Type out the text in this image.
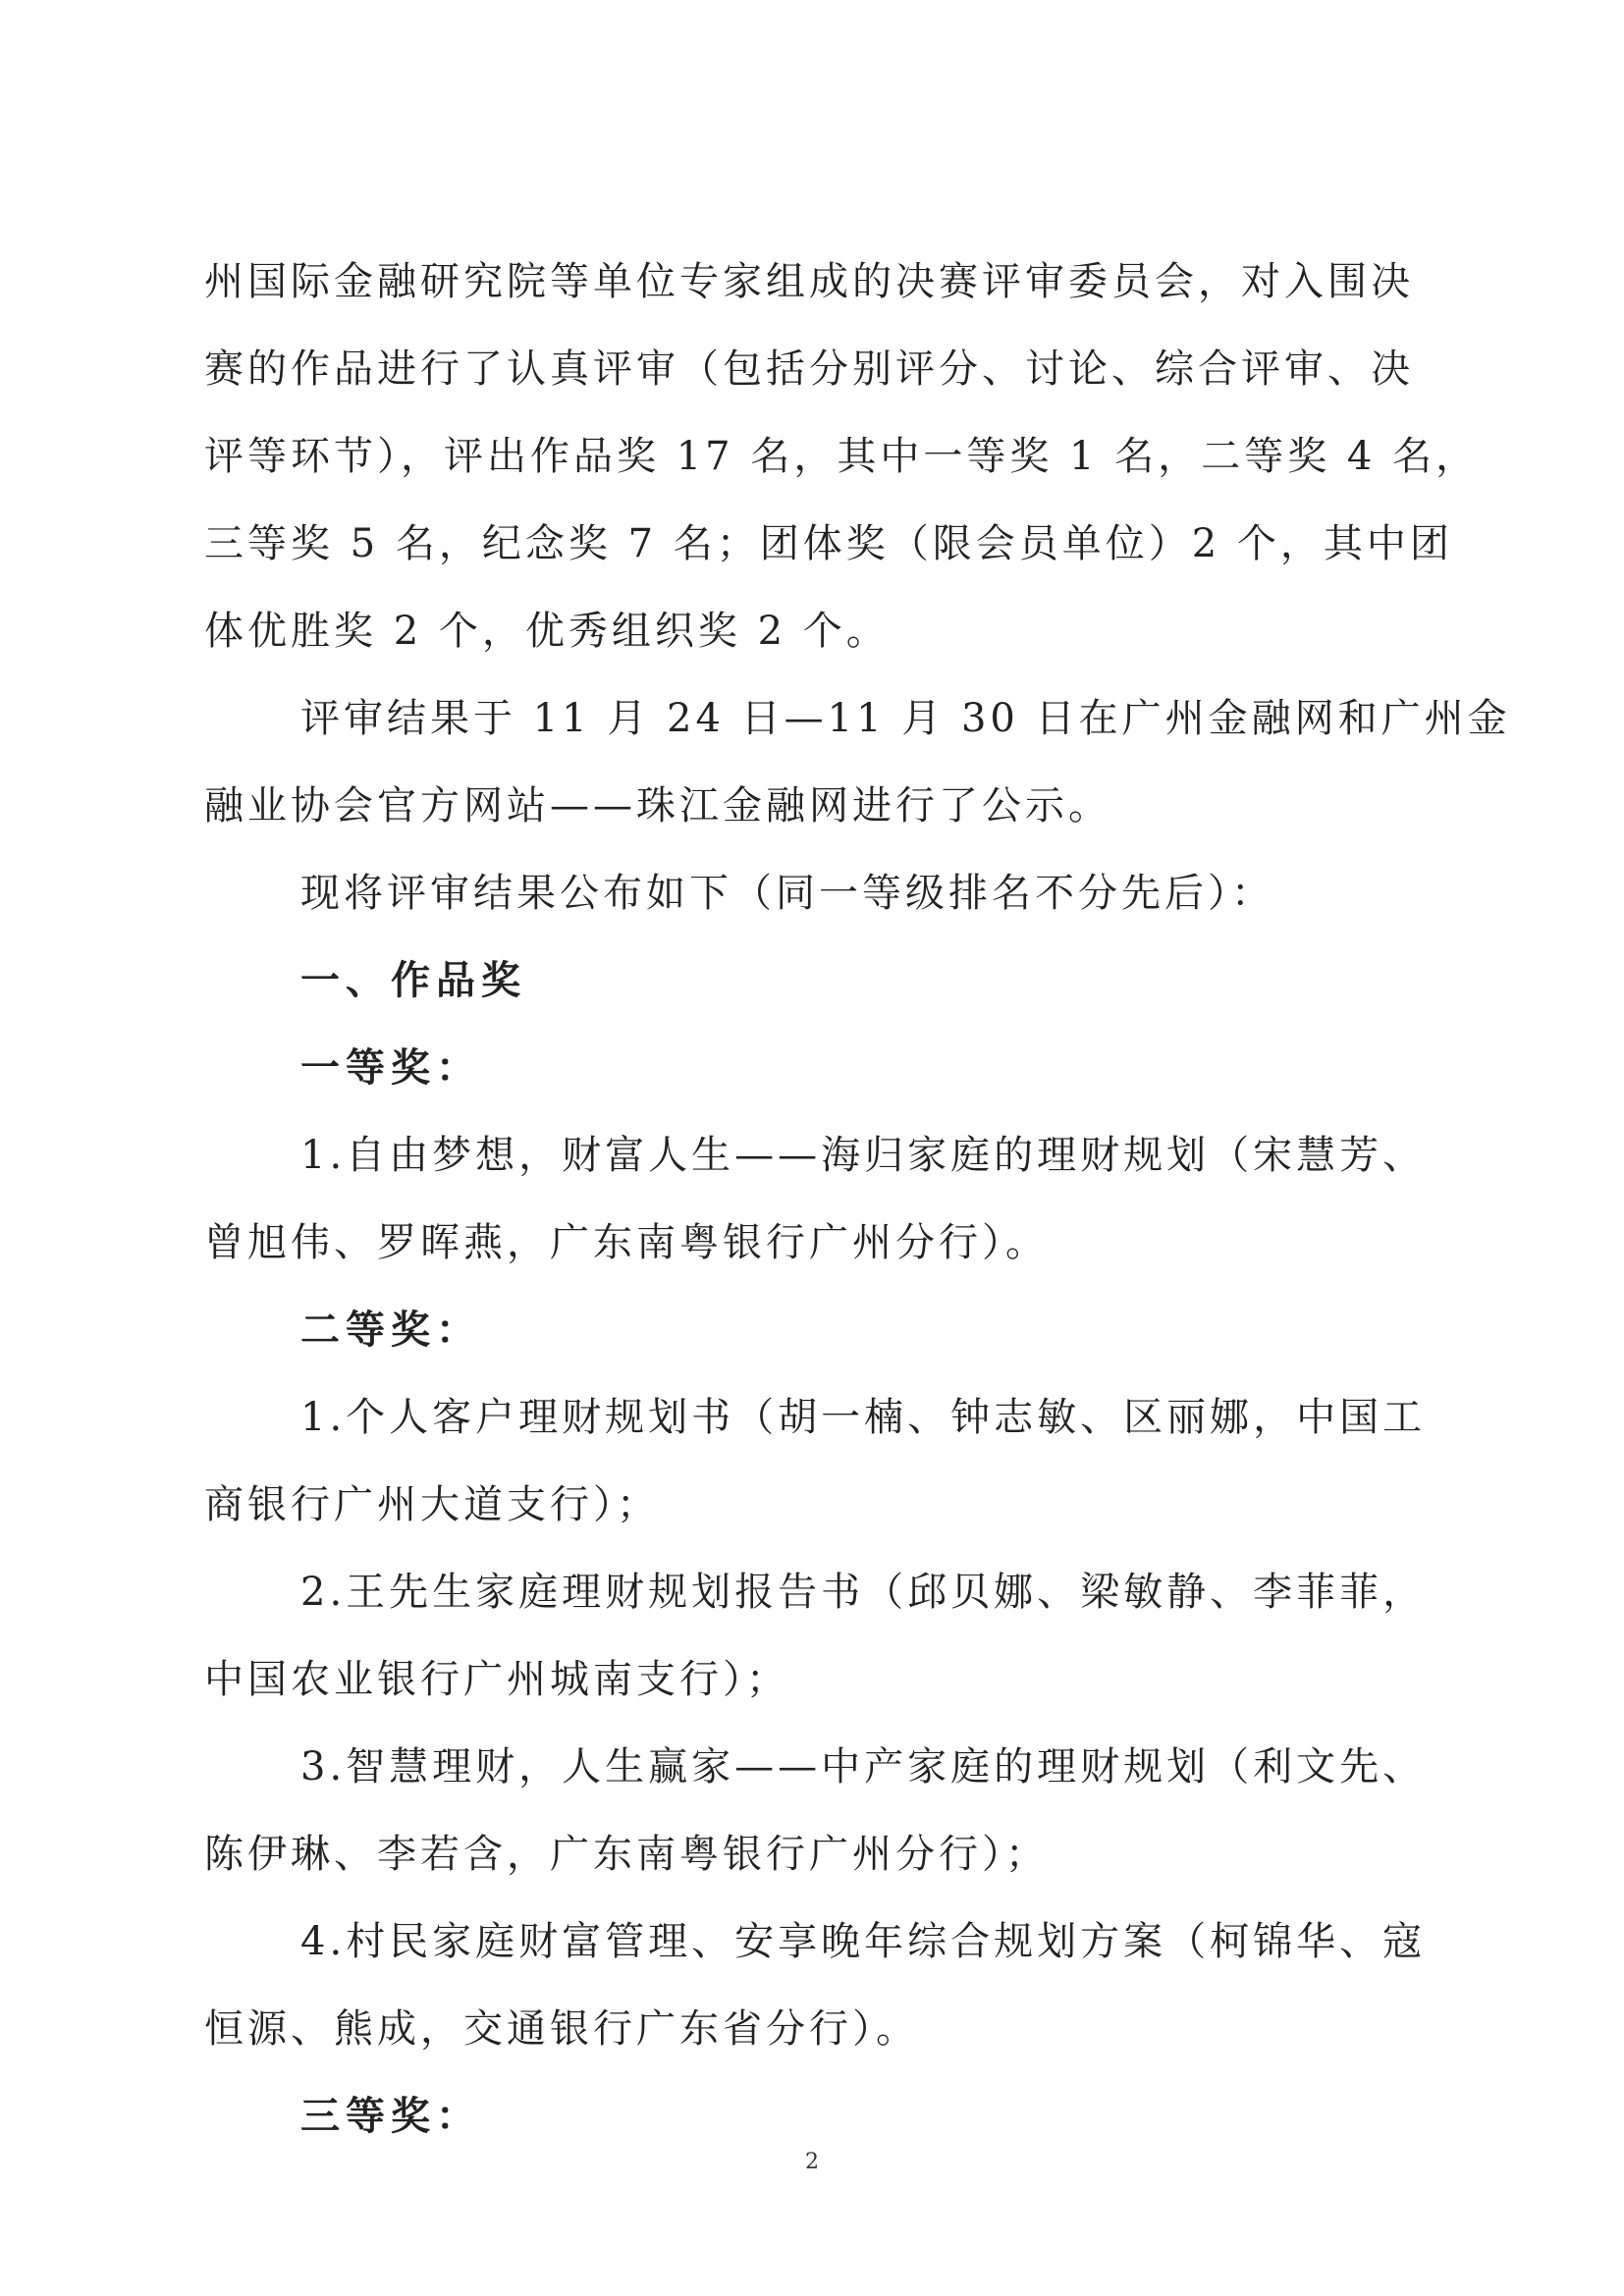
州国际金融研究院等单位专家组成的决赛评审委员会，对入围决
赛的作品进行了认真评审（包括分别评分、讨论、综合评审、决
评等环节），评出作品奖 17 名，其中一等奖 1 名，二等奖 4 名，
三等奖 5 名，纪念奖 7 名；团体奖（限会员单位）2 个，其中团
体优胜奖 2 个，优秀组织奖 2 个。
评审结果于 11 月 24 日—11 月 30 日在广州金融网和广州金
融业协会官方网站——珠江金融网进行了公示。
现将评审结果公布如下（同一等级排名不分先后）：
一、作品奖
一等奖：
1.自由梦想，财富人生——海归家庭的理财规划（宋慧芳、
曾旭伟、罗晖燕，广东南粤银行广州分行）。
二等奖：
1.个人客户理财规划书（胡一楠、钟志敏、区丽娜，中国工
商银行广州大道支行）；
2.王先生家庭理财规划报告书（邱贝娜、梁敏静、李菲菲，
中国农业银行广州城南支行）；
3.智慧理财，人生赢家——中产家庭的理财规划（利文先、
陈伊琳、李若含，广东南粤银行广州分行）；
4.村民家庭财富管理、安享晚年综合规划方案（柯锦华、寇
恒源、熊成，交通银行广东省分行）。
三等奖：
2
